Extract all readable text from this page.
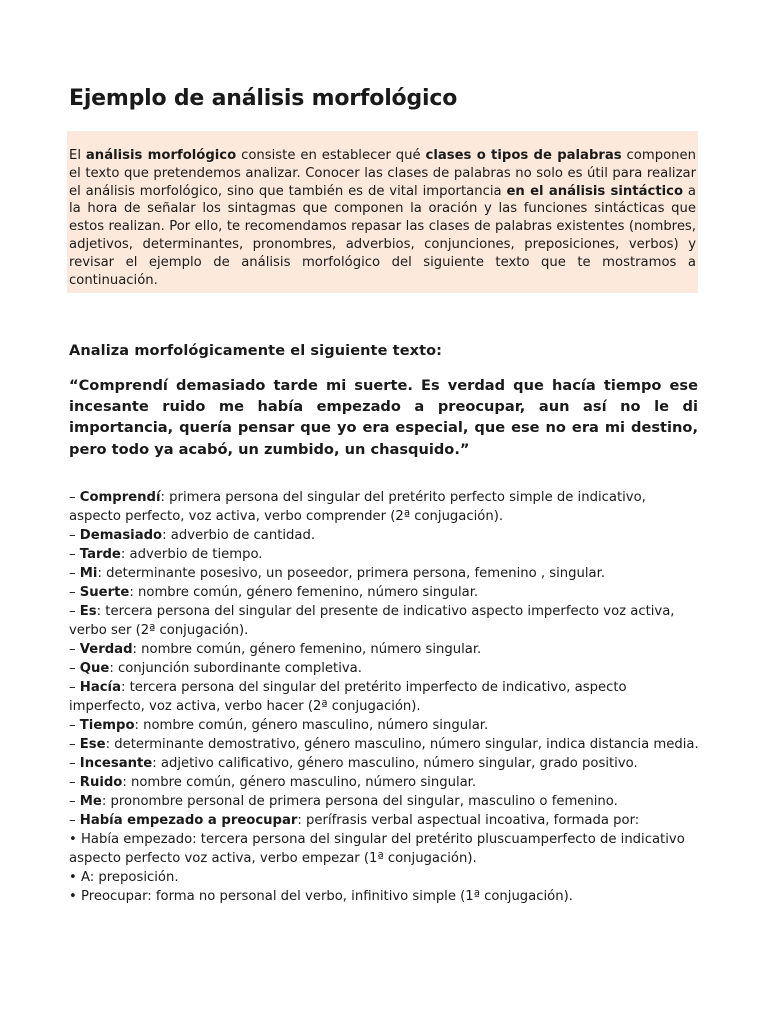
Ejemplo de análisis morfológico
El análisis morfológico consiste en establecer qué clases o tipos de palabras componen el texto que pretendemos analizar. Conocer las clases de palabras no solo es útil para realizar el análisis morfológico, sino que también es de vital importancia en el análisis sintáctico a la hora de señalar los sintagmas que componen la oración y las funciones sintácticas que estos realizan. Por ello, te recomendamos repasar las clases de palabras existentes (nombres, adjetivos, determinantes, pronombres, adverbios, conjunciones, preposiciones, verbos) y revisar el ejemplo de análisis morfológico del siguiente texto que te mostramos a continuación.
Analiza morfológicamente el siguiente texto:

“Comprendí demasiado tarde mi suerte. Es verdad que hacía tiempo ese incesante ruido me había empezado a preocupar, aun así no le di importancia, quería pensar que yo era especial, que ese no era mi destino, pero todo ya acabó, un zumbido, un chasquido.”

– Comprendí: primera persona del singular del pretérito perfecto simple de indicativo, aspecto perfecto, voz activa, verbo comprender (2ª conjugación).
– Demasiado: adverbio de cantidad.
– Tarde: adverbio de tiempo.
– Mi: determinante posesivo, un poseedor, primera persona, femenino , singular.
– Suerte: nombre común, género femenino, número singular.
– Es: tercera persona del singular del presente de indicativo aspecto imperfecto voz activa, verbo ser (2ª conjugación).
– Verdad: nombre común, género femenino, número singular.
– Que: conjunción subordinante completiva.
– Hacía: tercera persona del singular del pretérito imperfecto de indicativo, aspecto imperfecto, voz activa, verbo hacer (2ª conjugación).
– Tiempo: nombre común, género masculino, número singular.
– Ese: determinante demostrativo, género masculino, número singular, indica distancia media.
– Incesante: adjetivo calificativo, género masculino, número singular, grado positivo.
– Ruido: nombre común, género masculino, número singular.
– Me: pronombre personal de primera persona del singular, masculino o femenino.
– Había empezado a preocupar: perífrasis verbal aspectual incoativa, formada por:
• Había empezado: tercera persona del singular del pretérito pluscuamperfecto de indicativo aspecto perfecto voz activa, verbo empezar (1ª conjugación).
• A: preposición.
• Preocupar: forma no personal del verbo, infinitivo simple (1ª conjugación).
